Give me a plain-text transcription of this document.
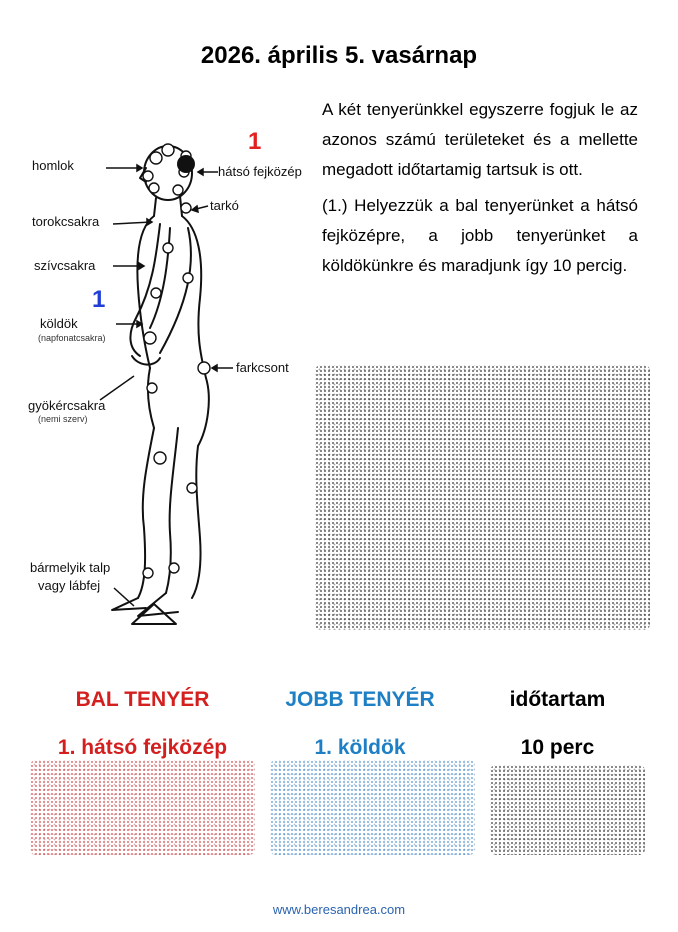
2026. április 5. vasárnap
homlok
1
hátsó fejközép
tarkó
torokcsakra
szívcsakra
1
köldök
(napfonatcsakra)
farkcsont
gyökércsakra
(nemi szerv)
bármelyik talp
vagy lábfej

A két tenyerünkkel egyszerre fogjuk le az azonos számú területeket és a mellette megadott időtartamig tartsuk is ott.

(1.) Helyezzük a bal tenyerünket a hátsó fejközépre, a jobb tenyerünket a köldökünkre és maradjunk így 10 percig.

BAL TENYÉR	JOBB TENYÉR	időtartam
1. hátsó fejközép	1. köldök	10 perc
www.beresandrea.com
